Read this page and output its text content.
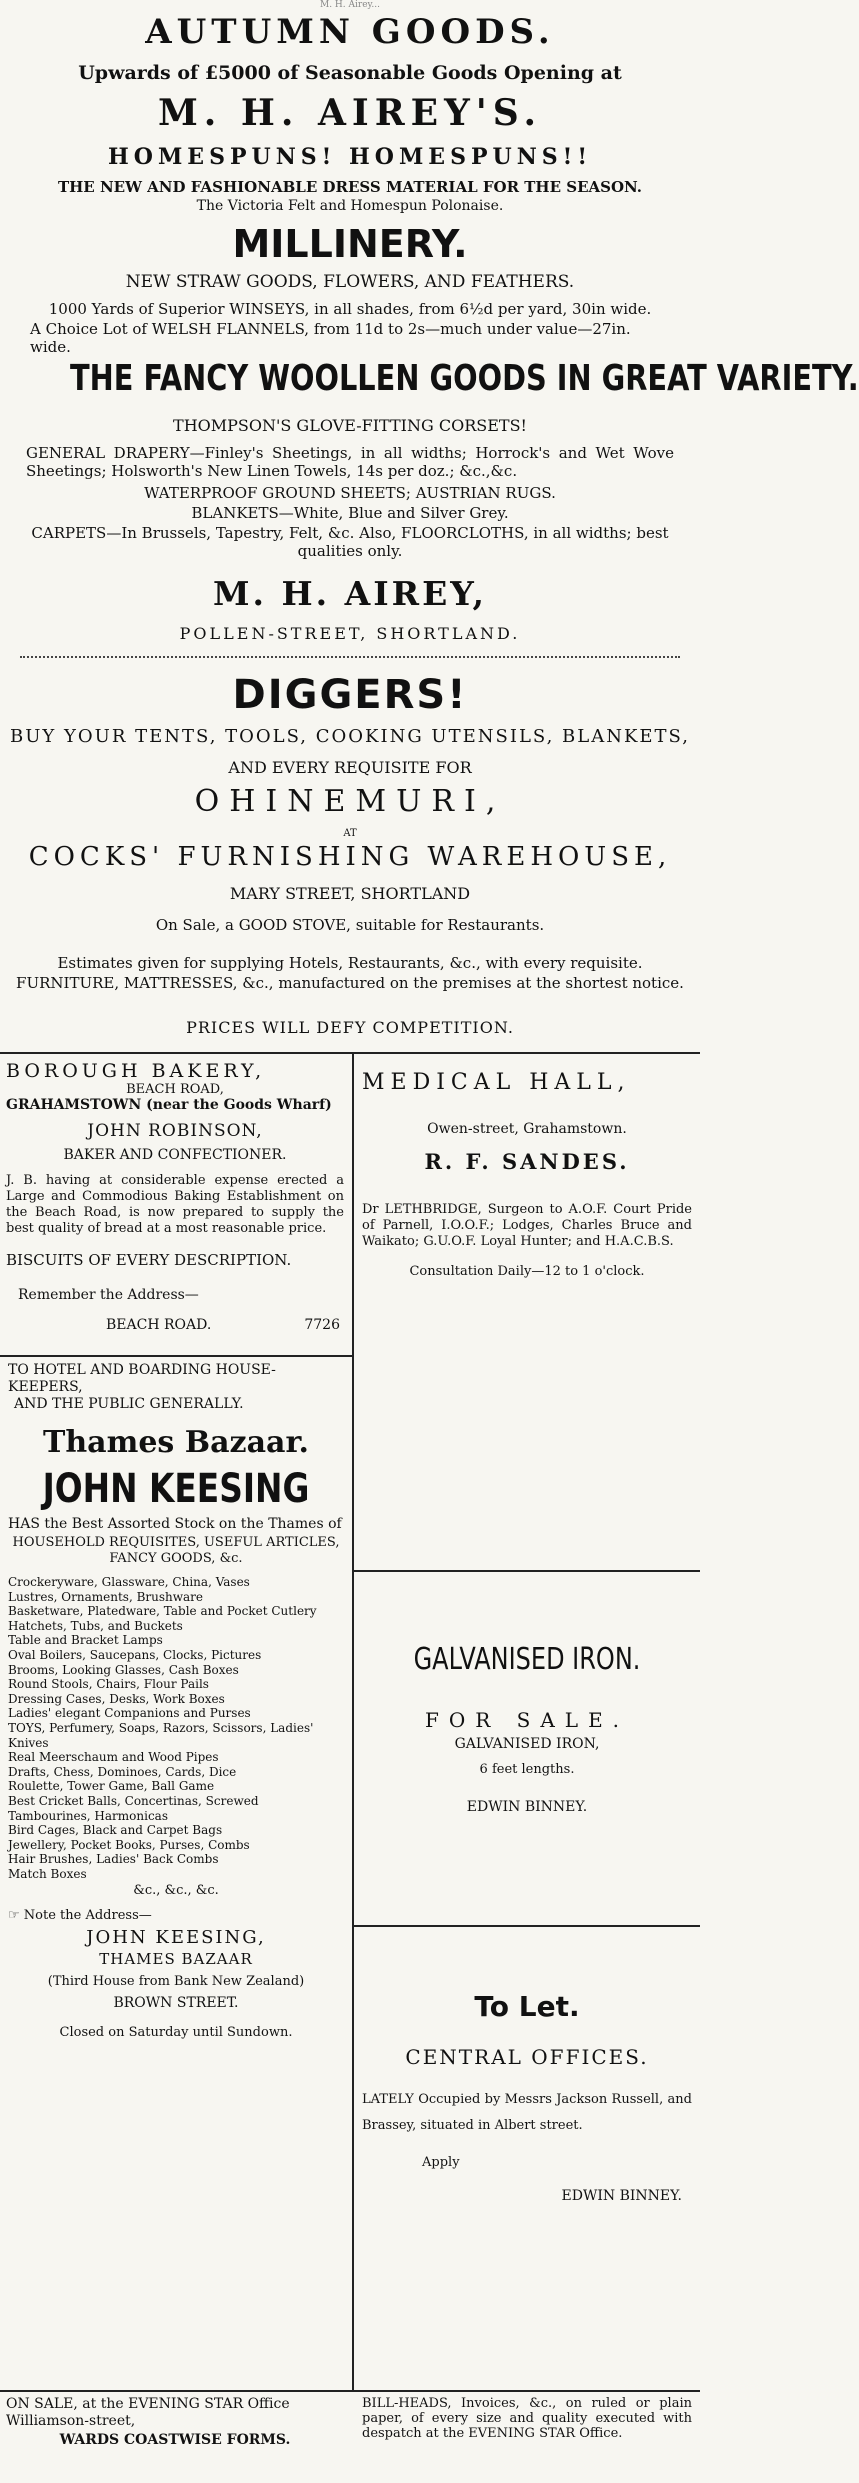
M. H. Airey...
AUTUMN GOODS.
Upwards of £5000 of Seasonable Goods Opening at
M. H. AIREY'S.
HOMESPUNS! HOMESPUNS!!
THE NEW AND FASHIONABLE DRESS MATERIAL FOR THE SEASON.
The Victoria Felt and Homespun Polonaise.
MILLINERY.
NEW STRAW GOODS, FLOWERS, AND FEATHERS.
1000 Yards of Superior WINSEYS, in all shades, from 6½d per yard, 30in wide.
A Choice Lot of WELSH FLANNELS, from 11d to 2s—much under value—27in. wide.
THE FANCY WOOLLEN GOODS IN GREAT VARIETY.
THOMPSON'S GLOVE-FITTING CORSETS!
GENERAL DRAPERY—Finley's Sheetings, in all widths; Horrock's and Wet Wove Sheetings; Holsworth's New Linen Towels, 14s per doz.; &c.,&c.
WATERPROOF GROUND SHEETS; AUSTRIAN RUGS.
BLANKETS—White, Blue and Silver Grey.
CARPETS—In Brussels, Tapestry, Felt, &c. Also, FLOORCLOTHS, in all widths; best qualities only.
M. H. AIREY,
POLLEN-STREET, SHORTLAND.
DIGGERS!
BUY YOUR TENTS, TOOLS, COOKING UTENSILS, BLANKETS,
AND EVERY REQUISITE FOR
OHINEMURI,
AT
COCKS' FURNISHING WAREHOUSE,
MARY STREET, SHORTLAND
On Sale, a GOOD STOVE, suitable for Restaurants.
Estimates given for supplying Hotels, Restaurants, &c., with every requisite.
FURNITURE, MATTRESSES, &c., manufactured on the premises at the shortest notice.
PRICES WILL DEFY COMPETITION.
BOROUGH BAKERY,
BEACH ROAD,
GRAHAMSTOWN (near the Goods Wharf)
JOHN ROBINSON,
BAKER AND CONFECTIONER.
J. B. having at considerable expense erected a Large and Commodious Baking Establishment on the Beach Road, is now prepared to supply the best quality of bread at a most reasonable price.
BISCUITS OF EVERY DESCRIPTION.
Remember the Address—
BEACH ROAD.	7726
MEDICAL HALL,
Owen-street, Grahamstown.
R. F. SANDES.
Dr LETHBRIDGE, Surgeon to A.O.F. Court Pride of Parnell, I.O.O.F.; Lodges, Charles Bruce and Waikato; G.U.O.F. Loyal Hunter; and H.A.C.B.S.
Consultation Daily—12 to 1 o'clock.
TO HOTEL AND BOARDING HOUSE-KEEPERS,
AND THE PUBLIC GENERALLY.
Thames Bazaar.
JOHN KEESING
HAS the Best Assorted Stock on the Thames of
HOUSEHOLD REQUISITES, USEFUL ARTICLES, FANCY GOODS, &c.
Crockeryware, Glassware, China, Vases
Lustres, Ornaments, Brushware
Basketware, Platedware, Table and Pocket Cutlery
Hatchets, Tubs, and Buckets
Table and Bracket Lamps
Oval Boilers, Saucepans, Clocks, Pictures
Brooms, Looking Glasses, Cash Boxes
Round Stools, Chairs, Flour Pails
Dressing Cases, Desks, Work Boxes
Ladies' elegant Companions and Purses
TOYS, Perfumery, Soaps, Razors, Scissors, Ladies' Knives
Real Meerschaum and Wood Pipes
Drafts, Chess, Dominoes, Cards, Dice
Roulette, Tower Game, Ball Game
Best Cricket Balls, Concertinas, Screwed Tambourines, Harmonicas
Bird Cages, Black and Carpet Bags
Jewellery, Pocket Books, Purses, Combs
Hair Brushes, Ladies' Back Combs
Match Boxes
&c., &c., &c.
☞ Note the Address—
JOHN KEESING,
THAMES BAZAAR
(Third House from Bank New Zealand)
BROWN STREET.
Closed on Saturday until Sundown.
GALVANISED IRON.
FOR SALE.
GALVANISED IRON,
6 feet lengths.
EDWIN BINNEY.
To Let.
CENTRAL OFFICES.
LATELY Occupied by Messrs Jackson Russell, and Brassey, situated in Albert street.
Apply
EDWIN BINNEY.
ON SALE, at the EVENING STAR Office Williamson-street,
WARDS COASTWISE FORMS.
BILL-HEADS, Invoices, &c., on ruled or plain paper, of every size and quality executed with despatch at the EVENING STAR Office.
